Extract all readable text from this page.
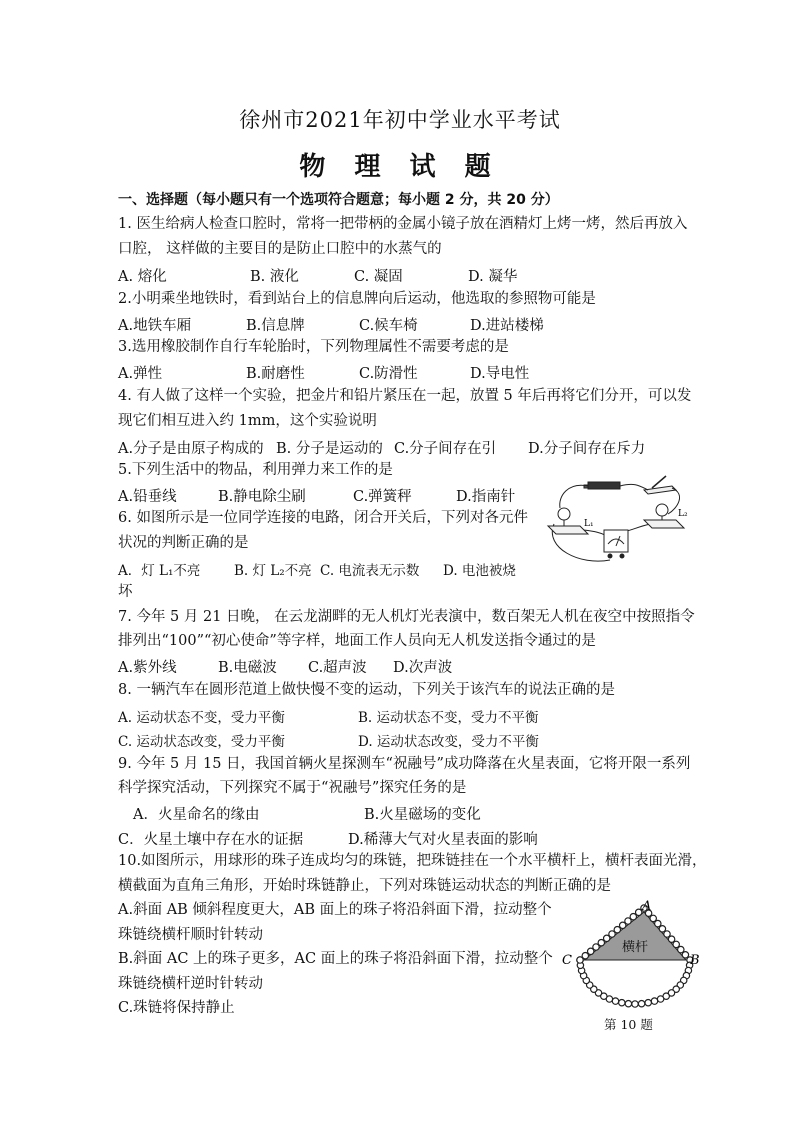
徐州市2021年初中学业水平考试
物 理 试 题
一、选择题（每小题只有一个选项符合题意；每小题 2 分，共 20 分）
1. 医生给病人检查口腔时，常将一把带柄的金属小镜子放在酒精灯上烤一烤，然后再放入
口腔， 这样做的主要目的是防止口腔中的水蒸气的
A. 熔化	B. 液化	C. 凝固	D. 凝华
2.小明乘坐地铁时，看到站台上的信息牌向后运动，他选取的参照物可能是
A.地铁车厢	B.信息牌	C.候车椅	D.进站楼梯
3.选用橡胶制作自行车轮胎时，下列物理属性不需要考虑的是
A.弹性	B.耐磨性	C.防滑性	D.导电性
4. 有人做了这样一个实验，把金片和铅片紧压在一起，放置 5 年后再将它们分开，可以发
现它们相互进入约 1mm，这个实验说明
A.分子是由原子构成的 B. 分子是运动的 C.分子间存在引 D.分子间存在斥力
5.下列生活中的物品，利用弹力来工作的是
A.铅垂线	B.静电除尘刷	C.弹簧秤	D.指南针
L₁
L₂
6. 如图所示是一位同学连接的电路，闭合开关后，下列对各元件
状况的判断正确的是
A．灯 L₁不亮 B. 灯 L₂不亮 C. 电流表无示数 D. 电池被烧
坏
7. 今年 5 月 21 日晚， 在云龙湖畔的无人机灯光表演中，数百架无人机在夜空中按照指令
排列出“100”“初心使命”等字样，地面工作人员向无人机发送指令通过的是
A.紫外线	B.电磁波 C.超声波 D.次声波
8. 一辆汽车在圆形范道上做快慢不变的运动，下列关于该汽车的说法正确的是
A. 运动状态不变，受力平衡	B. 运动状态不变，受力不平衡
C. 运动状态改变，受力平衡	D. 运动状态改变，受力不平衡
9. 今年 5 月 15 日，我国首辆火星探测车“祝融号”成功降落在火星表面，它将开限一系列
科学探究活动，下列探究不属于“祝融号”探究任务的是
A．火星命名的缘由	B.火星磁场的变化
C．火星土壤中存在水的证据	D.稀薄大气对火星表面的影响
10.如图所示，用球形的珠子连成均匀的珠链，把珠链挂在一个水平横杆上，横杆表面光滑，
横截面为直角三角形，开始时珠链静止，下列对珠链运动状态的判断正确的是
A.斜面 AB 倾斜程度更大，AB 面上的珠子将沿斜面下滑，拉动整个
珠链绕横杆顺时针转动
B.斜面 AC 上的珠子更多，AC 面上的珠子将沿斜面下滑，拉动整个
珠链绕横杆逆时针转动
C.珠链将保持静止
横杆
A
B
C
第 10 题
